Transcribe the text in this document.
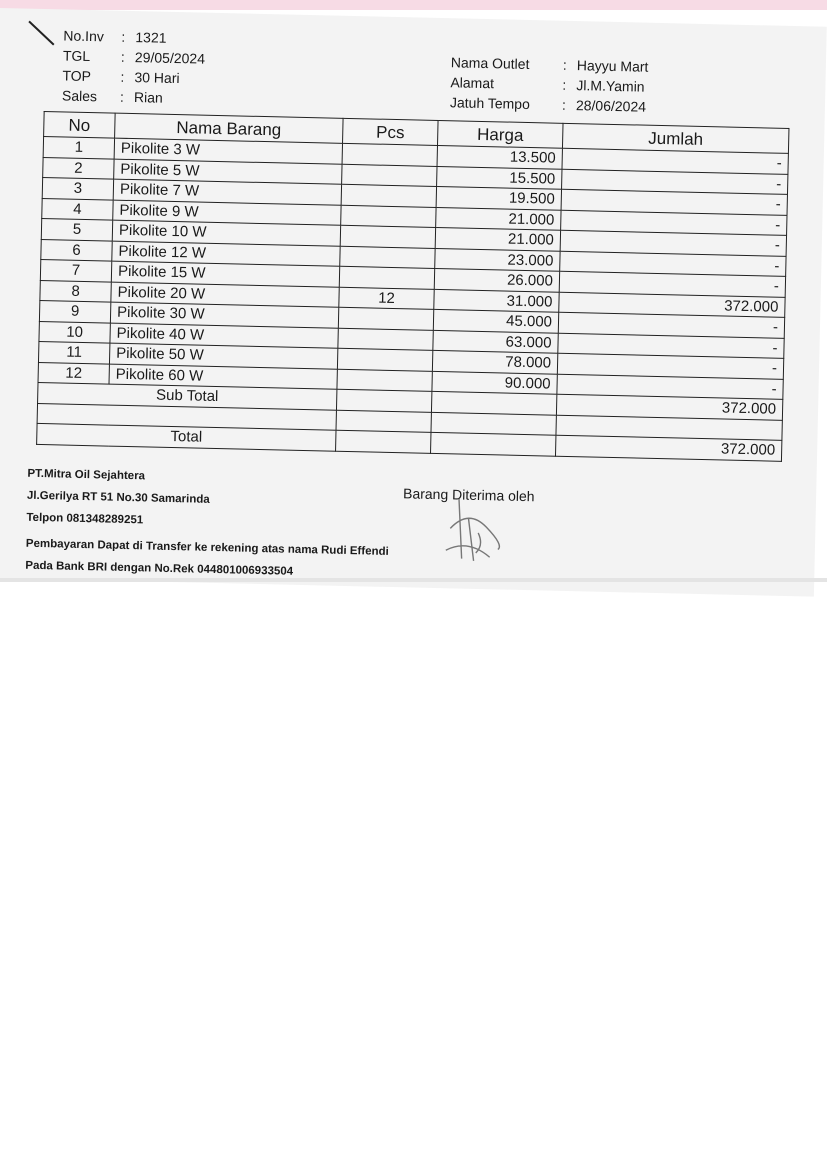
No.Inv	: 1321
TGL	: 29/05/2024
TOP	: 30 Hari
Sales	: Rian
Nama Outlet	: Hayyu Mart
Alamat	: Jl.M.Yamin
Jatuh Tempo	: 28/06/2024
No	Nama Barang	Pcs	Harga	Jumlah
1	Pikolite 3 W		13.500	-
2	Pikolite 5 W		15.500	-
3	Pikolite 7 W		19.500	-
4	Pikolite 9 W		21.000	-
5	Pikolite 10 W		21.000	-
6	Pikolite 12 W		23.000	-
7	Pikolite 15 W		26.000	-
8	Pikolite 20 W	12	31.000	372.000
9	Pikolite 30 W		45.000	-
10	Pikolite 40 W		63.000	-
11	Pikolite 50 W		78.000	-
12	Pikolite 60 W		90.000	-
Sub Total				372.000

Total				372.000
PT.Mitra Oil Sejahtera
Jl.Gerilya RT 51 No.30 Samarinda
Telpon 081348289251
Pembayaran Dapat di Transfer ke rekening atas nama Rudi Effendi
Pada Bank BRI dengan No.Rek 044801006933504
Barang Diterima oleh
